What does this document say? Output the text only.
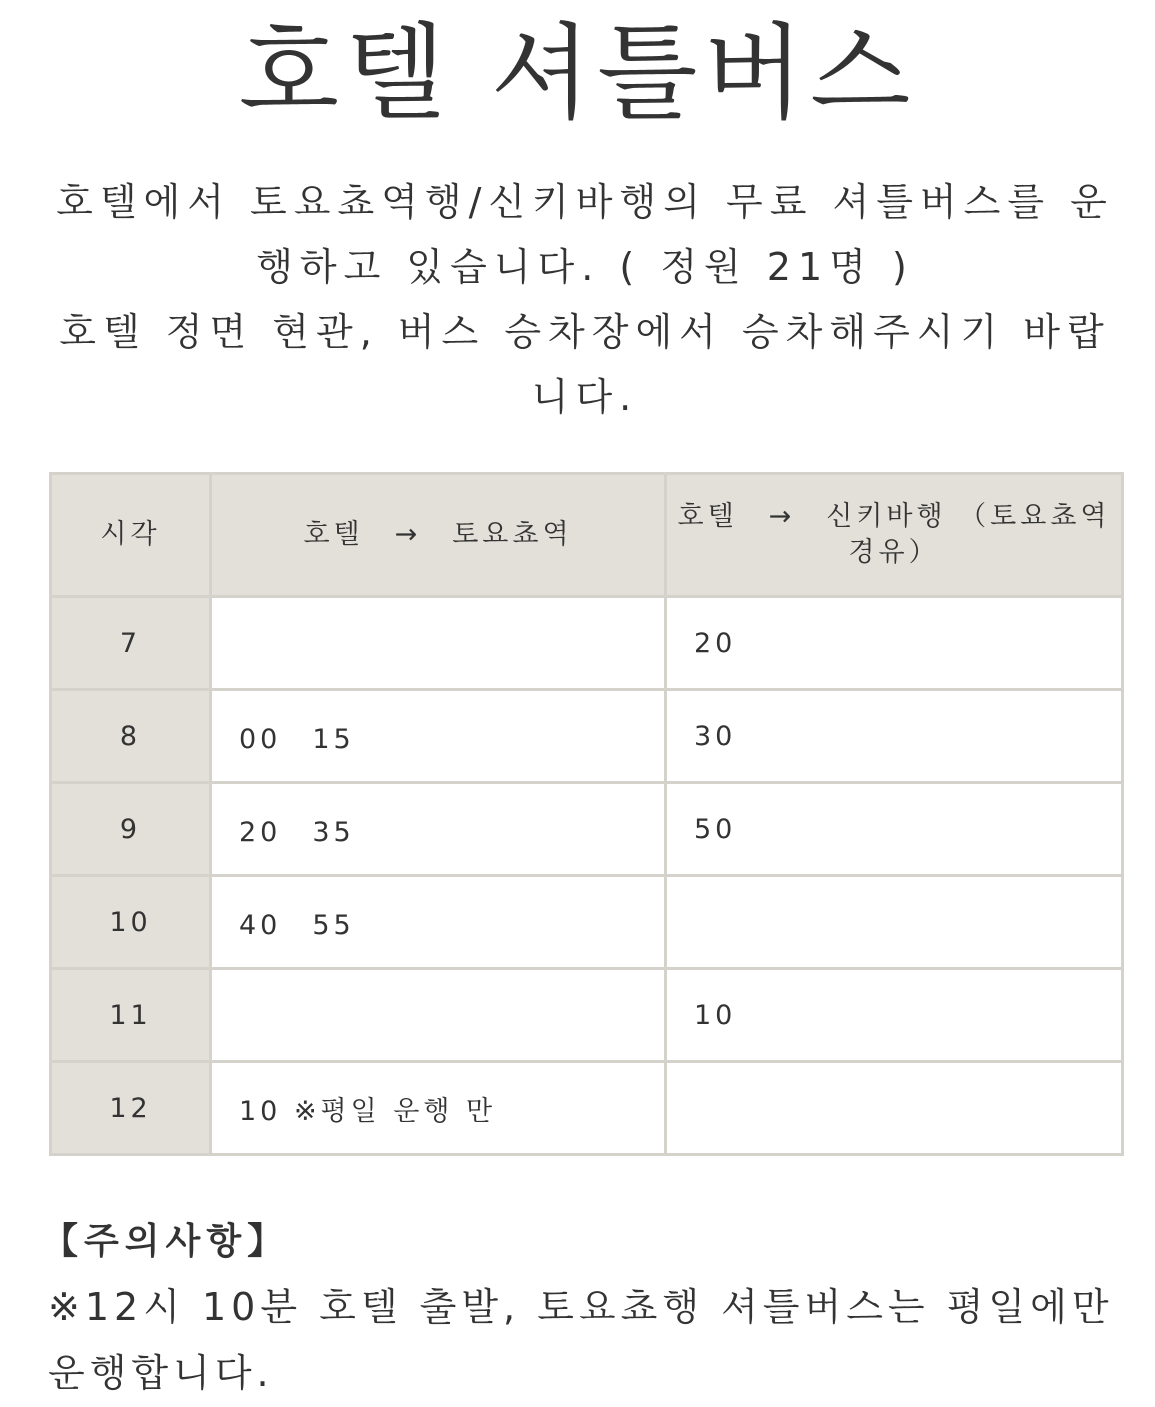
호텔 셔틀버스

호텔에서 토요쵸역행/신키바행의 무료 셔틀버스를 운행하고 있습니다. ( 정원 21명 )

호텔 정면 현관, 버스 승차장에서 승차해주시기 바랍니다.

시각	호텔　→　토요쵸역	호텔　→　신키바행 （토요쵸역 경유）
7		20
8	00　15	30
9	20　35	50
10	40　55	
11		10
12	10 ※평일 운행 만	

【주의사항】

※12시 10분 호텔 출발, 토요쵸행 셔틀버스는 평일에만 운행합니다.
